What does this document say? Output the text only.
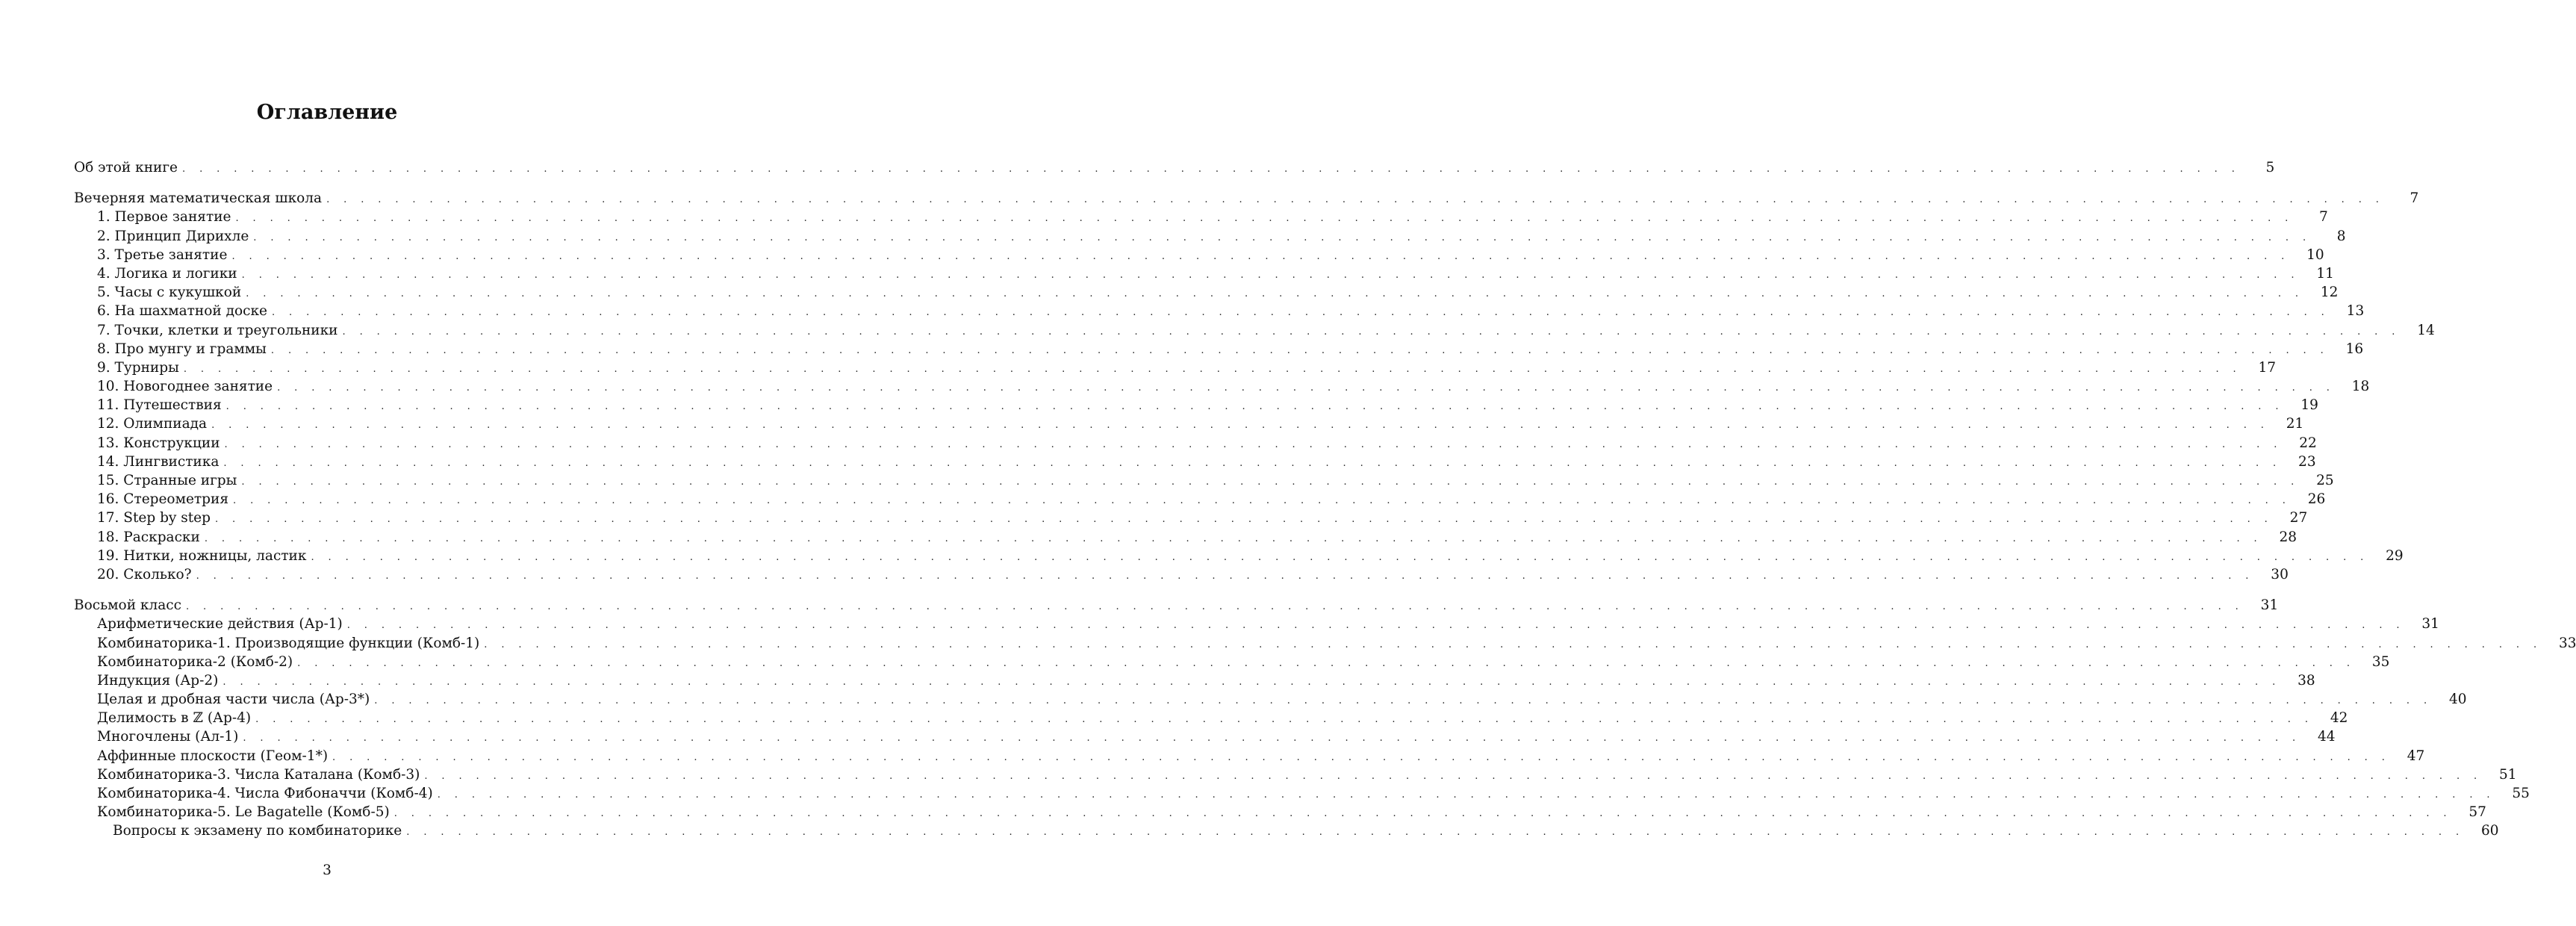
Оглавление
Об этой книге . . . . . . . . . . . . . . . . . . . . . . . . . . . . . . . . . . . . . . . . . . . . . . . . . . . . . . . . . . . . . . . . . . . . . . . . . . . . . . . . . . . . . . . . . . . . . . . . . . . . . . . . . . . . . . . . . . . . . . . .	5
Вечерняя математическая школа . . . . . . . . . . . . . . . . . . . . . . . . . . . . . . . . . . . . . . . . . . . . . . . . . . . . . . . . . . . . . . . . . . . . . . . . . . . . . . . . . . . . . . . . . . . . . . . . . . . . . . . . . . . . . . . . . . . . . . . .	7
1. Первое занятие . . . . . . . . . . . . . . . . . . . . . . . . . . . . . . . . . . . . . . . . . . . . . . . . . . . . . . . . . . . . . . . . . . . . . . . . . . . . . . . . . . . . . . . . . . . . . . . . . . . . . . . . . . . . . . . . . . . . . . . .	7
2. Принцип Дирихле . . . . . . . . . . . . . . . . . . . . . . . . . . . . . . . . . . . . . . . . . . . . . . . . . . . . . . . . . . . . . . . . . . . . . . . . . . . . . . . . . . . . . . . . . . . . . . . . . . . . . . . . . . . . . . . . . . . . . . . .	8
3. Третье занятие . . . . . . . . . . . . . . . . . . . . . . . . . . . . . . . . . . . . . . . . . . . . . . . . . . . . . . . . . . . . . . . . . . . . . . . . . . . . . . . . . . . . . . . . . . . . . . . . . . . . . . . . . . . . . . . . . . . . . . . .	10
4. Логика и логики . . . . . . . . . . . . . . . . . . . . . . . . . . . . . . . . . . . . . . . . . . . . . . . . . . . . . . . . . . . . . . . . . . . . . . . . . . . . . . . . . . . . . . . . . . . . . . . . . . . . . . . . . . . . . . . . . . . . . . . .	11
5. Часы с кукушкой . . . . . . . . . . . . . . . . . . . . . . . . . . . . . . . . . . . . . . . . . . . . . . . . . . . . . . . . . . . . . . . . . . . . . . . . . . . . . . . . . . . . . . . . . . . . . . . . . . . . . . . . . . . . . . . . . . . . . . . .	12
6. На шахматной доске . . . . . . . . . . . . . . . . . . . . . . . . . . . . . . . . . . . . . . . . . . . . . . . . . . . . . . . . . . . . . . . . . . . . . . . . . . . . . . . . . . . . . . . . . . . . . . . . . . . . . . . . . . . . . . . . . . . . . . . .	13
7. Точки, клетки и треугольники . . . . . . . . . . . . . . . . . . . . . . . . . . . . . . . . . . . . . . . . . . . . . . . . . . . . . . . . . . . . . . . . . . . . . . . . . . . . . . . . . . . . . . . . . . . . . . . . . . . . . . . . . . . . . . . . . . . . . . . .	14
8. Про мунгу и граммы . . . . . . . . . . . . . . . . . . . . . . . . . . . . . . . . . . . . . . . . . . . . . . . . . . . . . . . . . . . . . . . . . . . . . . . . . . . . . . . . . . . . . . . . . . . . . . . . . . . . . . . . . . . . . . . . . . . . . . . .	16
9. Турниры . . . . . . . . . . . . . . . . . . . . . . . . . . . . . . . . . . . . . . . . . . . . . . . . . . . . . . . . . . . . . . . . . . . . . . . . . . . . . . . . . . . . . . . . . . . . . . . . . . . . . . . . . . . . . . . . . . . . . . . .	17
10. Новогоднее занятие . . . . . . . . . . . . . . . . . . . . . . . . . . . . . . . . . . . . . . . . . . . . . . . . . . . . . . . . . . . . . . . . . . . . . . . . . . . . . . . . . . . . . . . . . . . . . . . . . . . . . . . . . . . . . . . . . . . . . . . .	18
11. Путешествия . . . . . . . . . . . . . . . . . . . . . . . . . . . . . . . . . . . . . . . . . . . . . . . . . . . . . . . . . . . . . . . . . . . . . . . . . . . . . . . . . . . . . . . . . . . . . . . . . . . . . . . . . . . . . . . . . . . . . . . .	19
12. Олимпиада . . . . . . . . . . . . . . . . . . . . . . . . . . . . . . . . . . . . . . . . . . . . . . . . . . . . . . . . . . . . . . . . . . . . . . . . . . . . . . . . . . . . . . . . . . . . . . . . . . . . . . . . . . . . . . . . . . . . . . . .	21
13. Конструкции . . . . . . . . . . . . . . . . . . . . . . . . . . . . . . . . . . . . . . . . . . . . . . . . . . . . . . . . . . . . . . . . . . . . . . . . . . . . . . . . . . . . . . . . . . . . . . . . . . . . . . . . . . . . . . . . . . . . . . . .	22
14. Лингвистика . . . . . . . . . . . . . . . . . . . . . . . . . . . . . . . . . . . . . . . . . . . . . . . . . . . . . . . . . . . . . . . . . . . . . . . . . . . . . . . . . . . . . . . . . . . . . . . . . . . . . . . . . . . . . . . . . . . . . . . .	23
15. Странные игры . . . . . . . . . . . . . . . . . . . . . . . . . . . . . . . . . . . . . . . . . . . . . . . . . . . . . . . . . . . . . . . . . . . . . . . . . . . . . . . . . . . . . . . . . . . . . . . . . . . . . . . . . . . . . . . . . . . . . . . .	25
16. Стереометрия . . . . . . . . . . . . . . . . . . . . . . . . . . . . . . . . . . . . . . . . . . . . . . . . . . . . . . . . . . . . . . . . . . . . . . . . . . . . . . . . . . . . . . . . . . . . . . . . . . . . . . . . . . . . . . . . . . . . . . . .	26
17. Step by step . . . . . . . . . . . . . . . . . . . . . . . . . . . . . . . . . . . . . . . . . . . . . . . . . . . . . . . . . . . . . . . . . . . . . . . . . . . . . . . . . . . . . . . . . . . . . . . . . . . . . . . . . . . . . . . . . . . . . . . .	27
18. Раскраски . . . . . . . . . . . . . . . . . . . . . . . . . . . . . . . . . . . . . . . . . . . . . . . . . . . . . . . . . . . . . . . . . . . . . . . . . . . . . . . . . . . . . . . . . . . . . . . . . . . . . . . . . . . . . . . . . . . . . . . .	28
19. Нитки, ножницы, ластик . . . . . . . . . . . . . . . . . . . . . . . . . . . . . . . . . . . . . . . . . . . . . . . . . . . . . . . . . . . . . . . . . . . . . . . . . . . . . . . . . . . . . . . . . . . . . . . . . . . . . . . . . . . . . . . . . . . . . . . .	29
20. Сколько? . . . . . . . . . . . . . . . . . . . . . . . . . . . . . . . . . . . . . . . . . . . . . . . . . . . . . . . . . . . . . . . . . . . . . . . . . . . . . . . . . . . . . . . . . . . . . . . . . . . . . . . . . . . . . . . . . . . . . . . .	30
Восьмой класс . . . . . . . . . . . . . . . . . . . . . . . . . . . . . . . . . . . . . . . . . . . . . . . . . . . . . . . . . . . . . . . . . . . . . . . . . . . . . . . . . . . . . . . . . . . . . . . . . . . . . . . . . . . . . . . . . . . . . . . .	31
Арифметические действия (Ар-1) . . . . . . . . . . . . . . . . . . . . . . . . . . . . . . . . . . . . . . . . . . . . . . . . . . . . . . . . . . . . . . . . . . . . . . . . . . . . . . . . . . . . . . . . . . . . . . . . . . . . . . . . . . . . . . . . . . . . . . . .	31
Комбинаторика-1. Производящие функции (Комб-1) . . . . . . . . . . . . . . . . . . . . . . . . . . . . . . . . . . . . . . . . . . . . . . . . . . . . . . . . . . . . . . . . . . . . . . . . . . . . . . . . . . . . . . . . . . . . . . . . . . . . . . . . . . . . . . . . . . . . . . . .	33
Комбинаторика-2 (Комб-2) . . . . . . . . . . . . . . . . . . . . . . . . . . . . . . . . . . . . . . . . . . . . . . . . . . . . . . . . . . . . . . . . . . . . . . . . . . . . . . . . . . . . . . . . . . . . . . . . . . . . . . . . . . . . . . . . . . . . . . . .	35
Индукция (Ар-2) . . . . . . . . . . . . . . . . . . . . . . . . . . . . . . . . . . . . . . . . . . . . . . . . . . . . . . . . . . . . . . . . . . . . . . . . . . . . . . . . . . . . . . . . . . . . . . . . . . . . . . . . . . . . . . . . . . . . . . . .	38
Целая и дробная части числа (Ар-3*) . . . . . . . . . . . . . . . . . . . . . . . . . . . . . . . . . . . . . . . . . . . . . . . . . . . . . . . . . . . . . . . . . . . . . . . . . . . . . . . . . . . . . . . . . . . . . . . . . . . . . . . . . . . . . . . . . . . . . . . .	40
Делимость в ℤ (Ар-4) . . . . . . . . . . . . . . . . . . . . . . . . . . . . . . . . . . . . . . . . . . . . . . . . . . . . . . . . . . . . . . . . . . . . . . . . . . . . . . . . . . . . . . . . . . . . . . . . . . . . . . . . . . . . . . . . . . . . . . . .	42
Многочлены (Ал-1) . . . . . . . . . . . . . . . . . . . . . . . . . . . . . . . . . . . . . . . . . . . . . . . . . . . . . . . . . . . . . . . . . . . . . . . . . . . . . . . . . . . . . . . . . . . . . . . . . . . . . . . . . . . . . . . . . . . . . . . .	44
Аффинные плоскости (Геом-1*) . . . . . . . . . . . . . . . . . . . . . . . . . . . . . . . . . . . . . . . . . . . . . . . . . . . . . . . . . . . . . . . . . . . . . . . . . . . . . . . . . . . . . . . . . . . . . . . . . . . . . . . . . . . . . . . . . . . . . . . .	47
Комбинаторика-3. Числа Каталана (Комб-3) . . . . . . . . . . . . . . . . . . . . . . . . . . . . . . . . . . . . . . . . . . . . . . . . . . . . . . . . . . . . . . . . . . . . . . . . . . . . . . . . . . . . . . . . . . . . . . . . . . . . . . . . . . . . . . . . . . . . . . . .	51
Комбинаторика-4. Числа Фибоначчи (Комб-4) . . . . . . . . . . . . . . . . . . . . . . . . . . . . . . . . . . . . . . . . . . . . . . . . . . . . . . . . . . . . . . . . . . . . . . . . . . . . . . . . . . . . . . . . . . . . . . . . . . . . . . . . . . . . . . . . . . . . . . . .	55
Комбинаторика-5. Le Bagatelle (Комб-5) . . . . . . . . . . . . . . . . . . . . . . . . . . . . . . . . . . . . . . . . . . . . . . . . . . . . . . . . . . . . . . . . . . . . . . . . . . . . . . . . . . . . . . . . . . . . . . . . . . . . . . . . . . . . . . . . . . . . . . . .	57
Вопросы к экзамену по комбинаторике . . . . . . . . . . . . . . . . . . . . . . . . . . . . . . . . . . . . . . . . . . . . . . . . . . . . . . . . . . . . . . . . . . . . . . . . . . . . . . . . . . . . . . . . . . . . . . . . . . . . . . . . . . . . . . . . . . . . . . . .	60
3
